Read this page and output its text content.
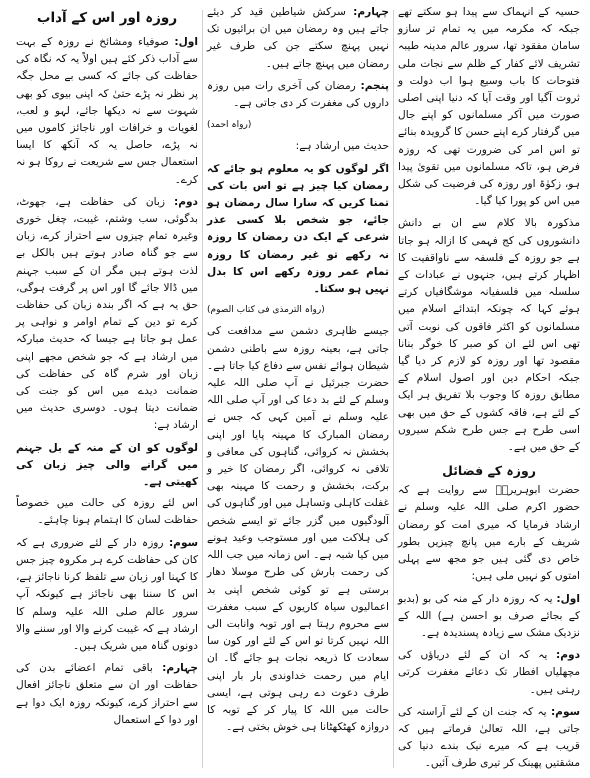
حسیہ کے انہماک سے پیدا ہو سکتے تھے جبکہ کہ مکرمہ میں یہ تمام تر سازو سامان مفقود تھا، سرور عالم مدینہ طیبہ تشریف لائے کفار کے ظلم سے نجات ملی فتوحات کا باب وسیع ہوا اب دولت و ثروت آگیا اور وقت آیا کہ دنیا اپنی اصلی صورت میں آکر مسلمانوں کو اپنے جال میں گرفتار کرے اپنے حسن کا گرویدہ بنائے تو اس امر کی ضرورت تھی کہ روزہ فرض ہو، تاکہ مسلمانوں میں تقویٰ پیدا ہو، زکوٰۃ اور روزہ کی فرضیت کی شکل میں اس کو پورا کیا گیا۔
مذکورہ بالا کلام سے ان بے دانش دانشوروں کی کج فہمی کا ازالہ ہو جاتا ہے جو روزہ کے فلسفہ سے ناواقفیت کا اظہار کرتے ہیں، جنہوں نے عبادات کے سلسلہ میں فلسفیانہ موشگافیاں کرتے ہوئے کہا کہ چونکہ ابتدائے اسلام میں مسلمانوں کو اکثر فاقوں کی نوبت آتی تھی اس لئے ان کو صبر کا خوگر بنانا مقصود تھا اور روزہ کو لازم کر دیا گیا جبکہ احکام دین اور اصول اسلام کے مطابق روزہ کا وجوب بلا تفریق ہر ایک کے لئے ہے، فاقہ کشوں کے حق میں بھی اسی طرح ہے جس طرح شکم سیروں کے حق میں ہے۔
روزہ کے فضائل
حضرت ابوہریرہؓ سے روایت ہے کہ حضور اکرم صلی اللہ علیہ وسلم نے ارشاد فرمایا کہ میری امت کو رمضان شریف کے بارے میں پانچ چیزیں بطور خاص دی گئی ہیں جو مجھ سے پہلی امتوں کو نہیں ملی ہیں:
اول: یہ کہ روزہ دار کے منہ کی بو (بدبو کے بجائے صرف بو احسن ہے) اللہ کے نزدیک مشک سے زیادہ پسندیدہ ہے۔
دوم: یہ کہ ان کے لئے دریاؤں کی مچھلیاں افطار تک دعائے مغفرت کرتی رہتی ہیں۔
سوم: یہ کہ جنت ان کے لئے آراستہ کی جاتی ہے، اللہ تعالیٰ فرماتے ہیں کہ قریب ہے کہ میرے نیک بندے دنیا کی مشقتیں پھینک کر تیری طرف آئیں۔
چہارم: سرکش شیاطین قید کر دیئے جاتے ہیں وہ رمضان میں ان برائیوں تک نہیں پہنچ سکتے جن کی طرف غیر رمضان میں پہنچ جاتے ہیں۔
پنجم: رمضان کی آخری رات میں روزہ داروں کی مغفرت کر دی جاتی ہے۔
(رواہ احمد)
حدیث میں ارشاد ہے:
اگر لوگوں کو یہ معلوم ہو جائے کہ رمضان کیا چیز ہے تو اس بات کی تمنا کریں کہ سارا سال رمضان ہو جائے، جو شخص بلا کسی عذر شرعی کے ایک دن رمضان کا روزہ نہ رکھے تو غیر رمضان کا روزہ تمام عمر روزہ رکھے اس کا بدل نہیں ہو سکتا۔
(رواہ الترمذی فی کتاب الصوم)
جیسے ظاہری دشمن سے مدافعت کی جاتی ہے، بعینہ روزہ سے باطنی دشمن شیطان ہوائے نفس سے دفاع کیا جاتا ہے۔ حضرت جبرئیل نے آپ صلی اللہ علیہ وسلم کے لئے بد دعا کی اور آپ صلی اللہ علیہ وسلم نے آمین کہی کہ جس نے رمضان المبارک کا مہینہ پایا اور اپنی بخشش نہ کروائی، گناہوں کی معافی و تلافی نہ کروائی، اگر رمضان کا خیر و برکت، بخشش و رحمت کا مہینہ بھی غفلت کاہلی وتساہل میں اور گناہوں کی آلودگیوں میں گزر جائے تو ایسے شخص کی ہلاکت میں اور مستوجب وعید ہونے میں کیا شبہ ہے۔ اس زمانہ میں جب اللہ کی رحمت بارش کی طرح موسلا دھار برستی ہے تو کوئی شخص اپنی بد اعمالیوں سیاہ کاریوں کے سبب مغفرت سے محروم رہتا ہے اور توبہ وانابت الی اللہ نہیں کرتا تو اس کے لئے اور کون سا سعادت کا ذریعہ نجات ہو جائے گا۔ ان ایام میں رحمت خداوندی بار بار اپنی طرف دعوت دے رہی ہوتی ہے، ایسی حالت میں اللہ کا پیار کر کے توبہ کا دروازہ کھٹکھٹانا ہی خوش بختی ہے۔
روزہ اور اس کے آداب
اول: صوفیاء ومشائخ نے روزہ کے بہت سے آداب ذکر کئے ہیں اولاً یہ کہ نگاہ کی حفاظت کی جائے کہ کسی بے محل جگہ پر نظر نہ پڑے حتیٰ کہ اپنی بیوی کو بھی شہوت سے نہ دیکھا جائے، لہو و لعب، لغویات و خرافات اور ناجائز کاموں میں نہ پڑے، حاصل یہ کہ آنکھ کا ایسا استعمال جس سے شریعت نے روکا ہو نہ کرے۔
دوم: زبان کی حفاظت ہے، جھوٹ، بدگوئی، سب وشتم، غیبت، چغل خوری وغیرہ تمام چیزوں سے احتراز کرے، زبان سے جو گناہ صادر ہوتے ہیں بالکل بے لذت ہوتے ہیں مگر ان کے سبب جہنم میں ڈالا جائے گا اور اس پر گرفت ہوگی، حق یہ ہے کہ اگر بندہ زبان کی حفاظت کرے تو دین کے تمام اوامر و نواہی پر عمل ہو جاتا ہے جیسا کہ حدیث مبارکہ میں ارشاد ہے کہ جو شخص مجھے اپنی زبان اور شرم گاہ کی حفاظت کی ضمانت دیدے میں اس کو جنت کی ضمانت دیتا ہوں۔ دوسری حدیث میں ارشاد ہے:
لوگوں کو ان کے منہ کے بل جہنم میں گرانے والی چیز زبان کی کھیتی ہے۔
اس لئے روزہ کی حالت میں خصوصاً حفاظت لسان کا اہتمام ہونا چاہئے۔
سوم: روزہ دار کے لئے ضروری ہے کہ کان کی حفاظت کرے ہر مکروہ چیز جس کا کہنا اور زبان سے تلفظ کرنا ناجائز ہے، اس کا سننا بھی ناجائز ہے کیونکہ آپ سرور عالم صلی اللہ علیہ وسلم کا ارشاد ہے کہ غیبت کرنے والا اور سننے والا دونوں گناہ میں شریک ہیں۔
چہارم: باقی تمام اعضائے بدن کی حفاظت اور ان سے متعلق ناجائز افعال سے احتراز کرے، کیونکہ روزہ ایک دوا ہے اور دوا کے استعمال
